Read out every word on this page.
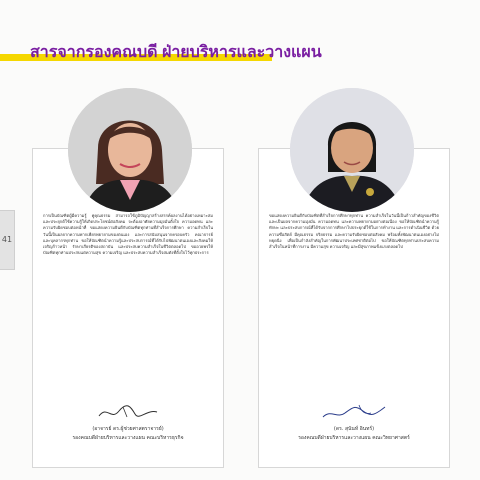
สารจากรองคณบดี ฝ่ายบริหารและวางแผน
41
การเป็นบัณฑิตผู้มีความรู้ คู่คุณธรรม สามารถใช้ภูมิปัญญาสร้างสรรค์ผลงานได้อย่างเหมาะสม และประยุกต์ใช้ความรู้ให้เกิดประโยชน์ต่อสังคม จะต้องอาศัยความมุ่งมั่นตั้งใจ ความอดทน และความรับผิดชอบต่อหน้าที่ ขอแสดงความยินดีกับบัณฑิตทุกท่านที่สำเร็จการศึกษา ความสำเร็จในวันนี้เป็นผลจากความพากเพียรพยายามของตนเอง และการสนับสนุนจากครอบครัว คณาจารย์ และบุคลากรทุกท่าน ขอให้บัณฑิตนำความรู้และประสบการณ์ที่ได้รับไปพัฒนาตนเองและสังคมให้เจริญก้าวหน้า รักษาเกียรติของสถาบัน และประสบความสำเร็จในชีวิตตลอดไป ขออวยพรให้บัณฑิตทุกท่านประสบแต่ความสุข ความเจริญ และประสบความสำเร็จสมดังที่ตั้งใจไว้ทุกประการ
(อาจารย์ ดร.ผู้ช่วยศาสตราจารย์)
รองคณบดีฝ่ายบริหารและวางแผน คณะบริหารธุรกิจ
ขอแสดงความยินดีกับบัณฑิตที่สำเร็จการศึกษาทุกท่าน ความสำเร็จในวันนี้เป็นก้าวสำคัญของชีวิต และเป็นผลจากความมุ่งมั่น ความอดทน และความพยายามอย่างต่อเนื่อง ขอให้บัณฑิตนำความรู้ ทักษะ และประสบการณ์ที่ได้รับจากการศึกษาไปประยุกต์ใช้ในการทำงาน และการดำเนินชีวิต ด้วยความซื่อสัตย์ มีคุณธรรม จริยธรรม และความรับผิดชอบต่อสังคม พร้อมทั้งพัฒนาตนเองอย่างไม่หยุดนิ่ง เพื่อเป็นกำลังสำคัญในการพัฒนาประเทศชาติต่อไป ขอให้บัณฑิตทุกท่านประสบความสำเร็จในหน้าที่การงาน มีความสุข ความเจริญ และมีสุขภาพแข็งแรงตลอดไป
(ดร. สุนันท์ อินทร์)
รองคณบดีฝ่ายบริหารและวางแผน คณะวิทยาศาสตร์
